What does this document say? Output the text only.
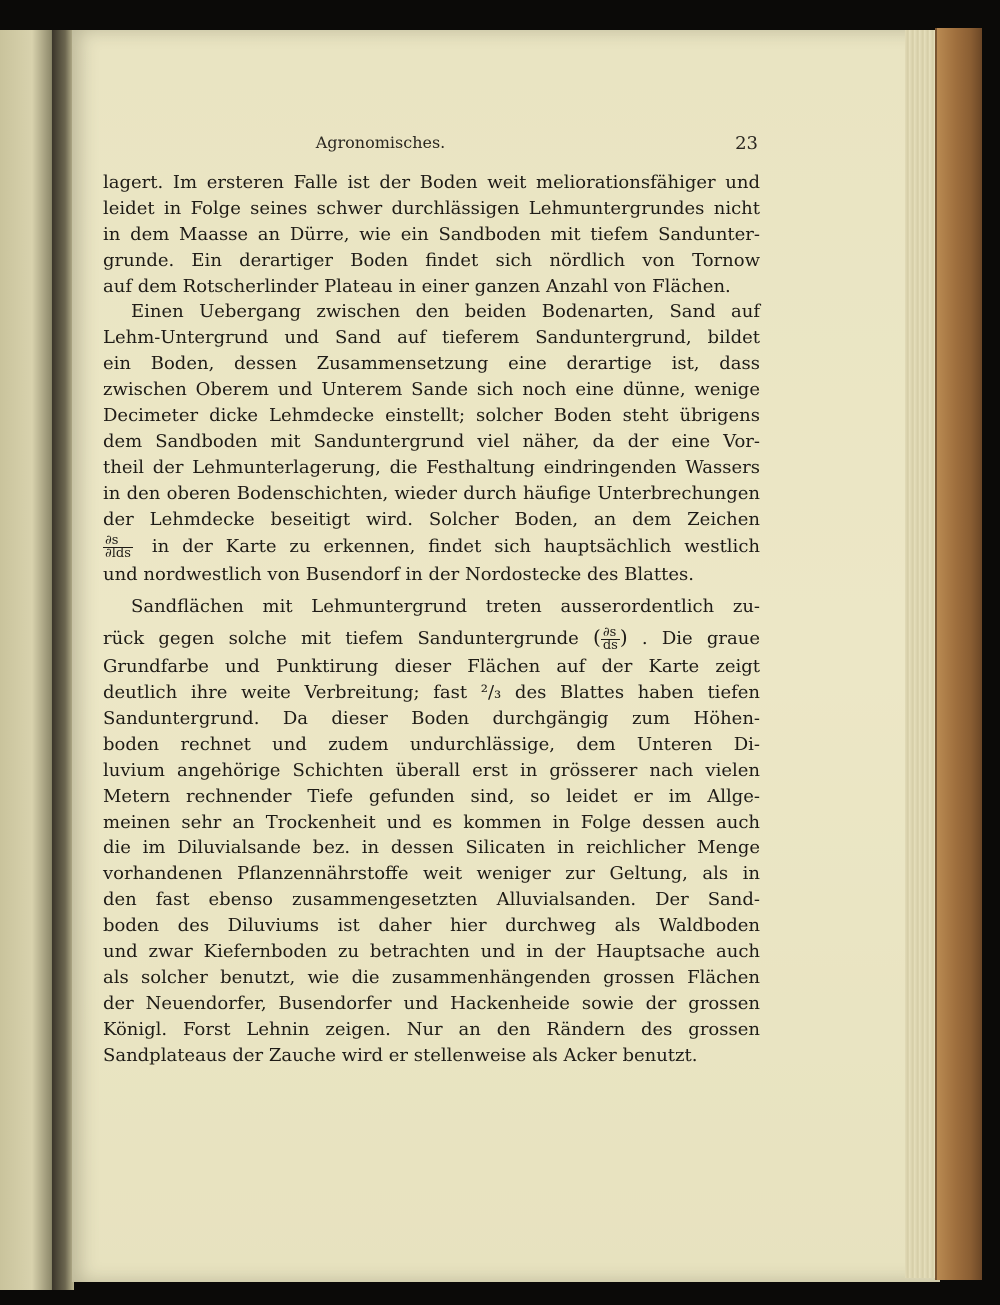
Agronomisches.	23
lagert. Im ersteren Falle ist der Boden weit meliorationsfähiger und
leidet in Folge seines schwer durchlässigen Lehmuntergrundes nicht
in dem Maasse an Dürre, wie ein Sandboden mit tiefem Sandunter-
grunde. Ein derartiger Boden findet sich nördlich von Tornow
auf dem Rotscherlinder Plateau in einer ganzen Anzahl von Flächen.
Einen Uebergang zwischen den beiden Bodenarten, Sand auf
Lehm-Untergrund und Sand auf tieferem Sanduntergrund, bildet
ein Boden, dessen Zusammensetzung eine derartige ist, dass
zwischen Oberem und Unterem Sande sich noch eine dünne, wenige
Decimeter dicke Lehmdecke einstellt; solcher Boden steht übrigens
dem Sandboden mit Sanduntergrund viel näher, da der eine Vor-
theil der Lehmunterlagerung, die Festhaltung eindringenden Wassers
in den oberen Bodenschichten, wieder durch häufige Unterbrechungen
der Lehmdecke beseitigt wird. Solcher Boden, an dem Zeichen
$\frac{\partial s}{\text{∂lds}}$ in der Karte zu erkennen, findet sich hauptsächlich westlich
und nordwestlich von Busendorf in der Nordostecke des Blattes.
Sandflächen mit Lehmuntergrund treten ausserordentlich zu-
rück gegen solche mit tiefem Sanduntergrunde ( $\frac{\partial s}{ds}$ ) . Die graue
Grundfarbe und Punktirung dieser Flächen auf der Karte zeigt
deutlich ihre weite Verbreitung; fast ²/₃ des Blattes haben tiefen
Sanduntergrund. Da dieser Boden durchgängig zum Höhen-
boden rechnet und zudem undurchlässige, dem Unteren Di-
luvium angehörige Schichten überall erst in grösserer nach vielen
Metern rechnender Tiefe gefunden sind, so leidet er im Allge-
meinen sehr an Trockenheit und es kommen in Folge dessen auch
die im Diluvialsande bez. in dessen Silicaten in reichlicher Menge
vorhandenen Pflanzennährstoffe weit weniger zur Geltung, als in
den fast ebenso zusammengesetzten Alluvialsanden. Der Sand-
boden des Diluviums ist daher hier durchweg als Waldboden
und zwar Kiefernboden zu betrachten und in der Hauptsache auch
als solcher benutzt, wie die zusammenhängenden grossen Flächen
der Neuendorfer, Busendorfer und Hackenheide sowie der grossen
Königl. Forst Lehnin zeigen. Nur an den Rändern des grossen
Sandplateaus der Zauche wird er stellenweise als Acker benutzt.
